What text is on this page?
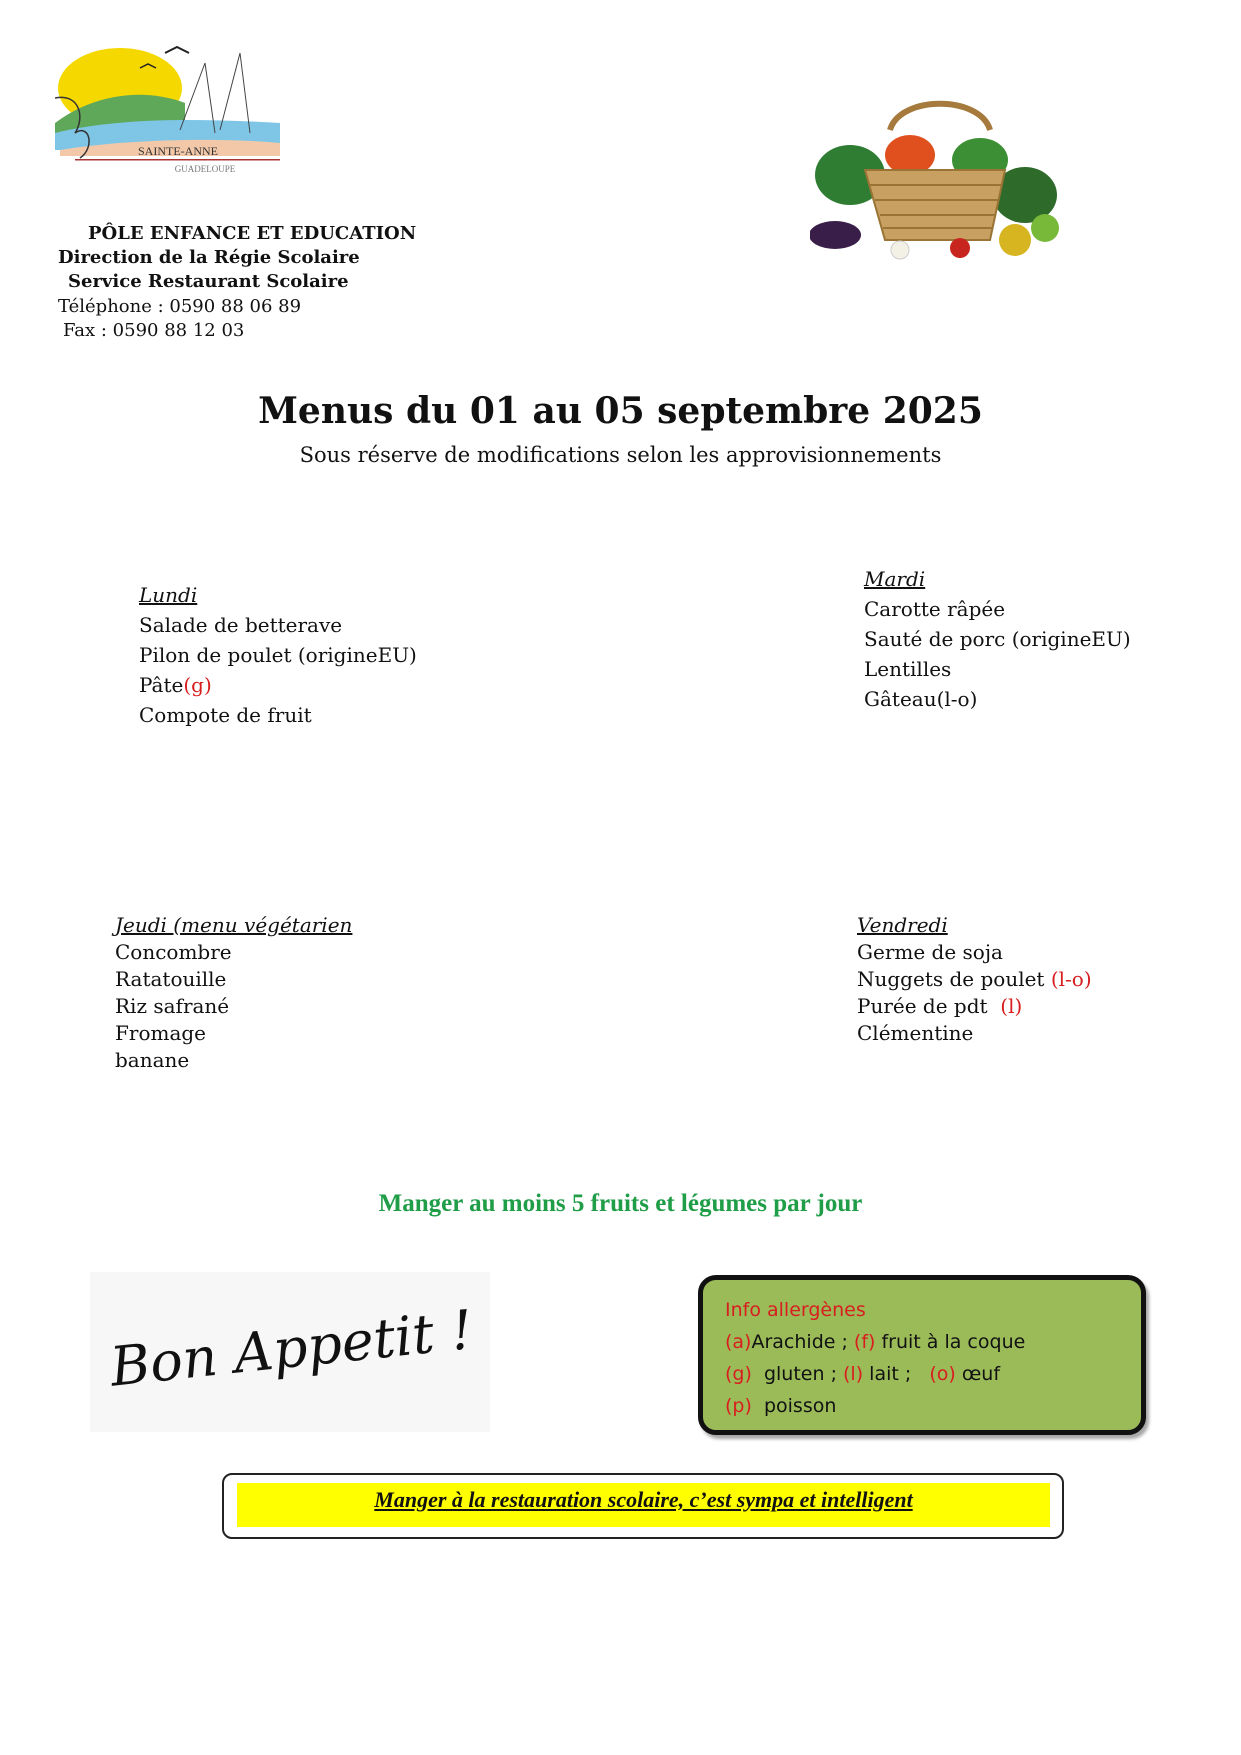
SAINTE-ANNE
GUADELOUPE
PÔLE ENFANCE ET EDUCATION
Direction de la Régie Scolaire
Service Restaurant Scolaire
Téléphone : 0590 88 06 89
Fax : 0590 88 12 03
Menus du 01 au 05 septembre 2025
Sous réserve de modifications selon les approvisionnements
Lundi
Salade de betterave
Pilon de poulet (origineEU)
Pâte(g)
Compote de fruit
Mardi
Carotte râpée
Sauté de porc (origineEU)
Lentilles
Gâteau(l-o)
Jeudi (menu végétarien
Concombre
Ratatouille
Riz safrané
Fromage
banane
Vendredi
Germe de soja
Nuggets de poulet (l-o)
Purée de pdt  (l)
Clémentine
Manger au moins 5 fruits et légumes par jour
Bon Appetit !	Info allergènes
(a)Arachide ; (f) fruit à la coque
(g)  gluten ; (l) lait ;   (o) œuf
(p)  poisson
Manger à la restauration scolaire, c’est sympa et intelligent
